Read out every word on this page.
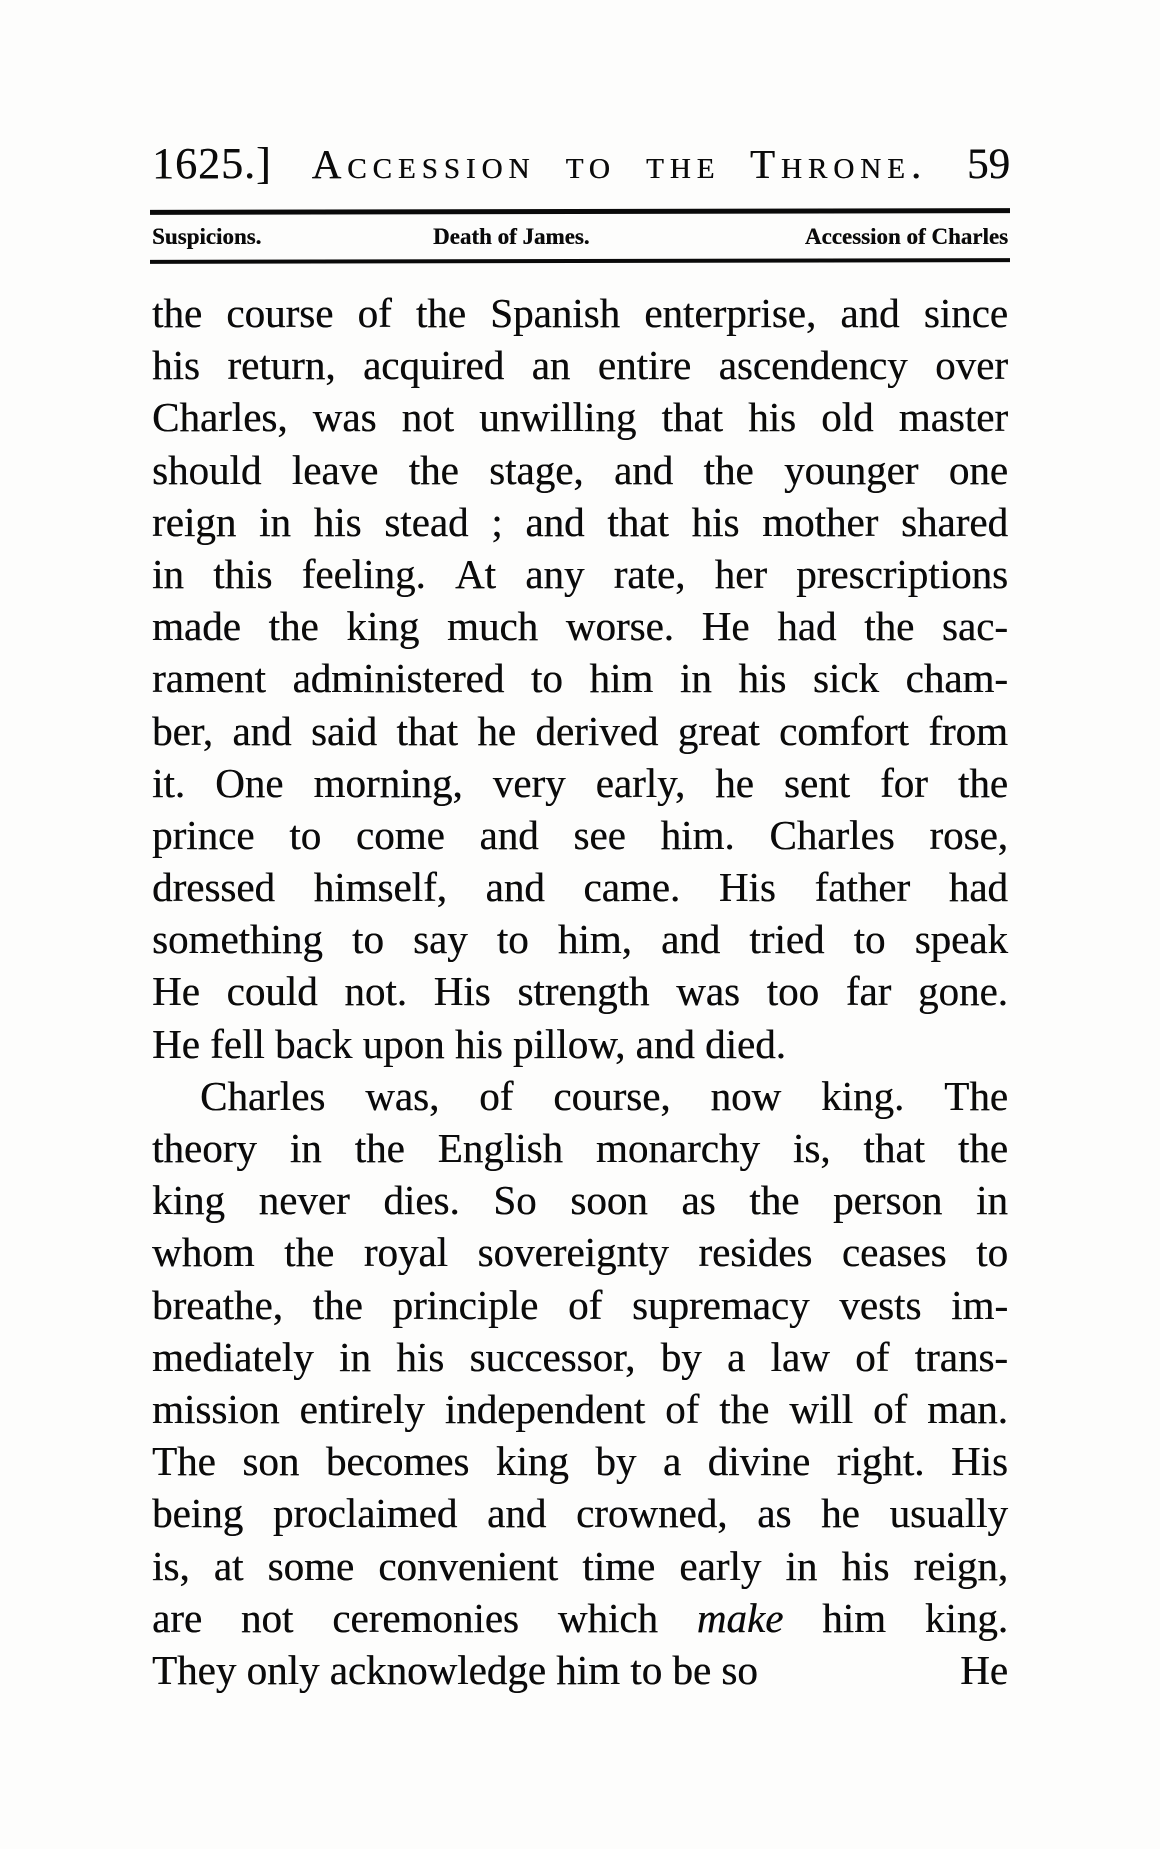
1625.] Accession to the Throne. 59
Suspicions.	Death of James.	Accession of Charles
the course of the Spanish enterprise, and since
his return, acquired an entire ascendency over
Charles, was not unwilling that his old master
should leave the stage, and the younger one
reign in his stead ; and that his mother shared
in this feeling. At any rate, her prescriptions
made the king much worse. He had the sac-
rament administered to him in his sick cham-
ber, and said that he derived great comfort from
it. One morning, very early, he sent for the
prince to come and see him. Charles rose,
dressed himself, and came. His father had
something to say to him, and tried to speak
He could not. His strength was too far gone.
He fell back upon his pillow, and died.
Charles was, of course, now king. The
theory in the English monarchy is, that the
king never dies. So soon as the person in
whom the royal sovereignty resides ceases to
breathe, the principle of supremacy vests im-
mediately in his successor, by a law of trans-
mission entirely independent of the will of man.
The son becomes king by a divine right. His
being proclaimed and crowned, as he usually
is, at some convenient time early in his reign,
are not ceremonies which make him king.
They only acknowledge him to be so	He
